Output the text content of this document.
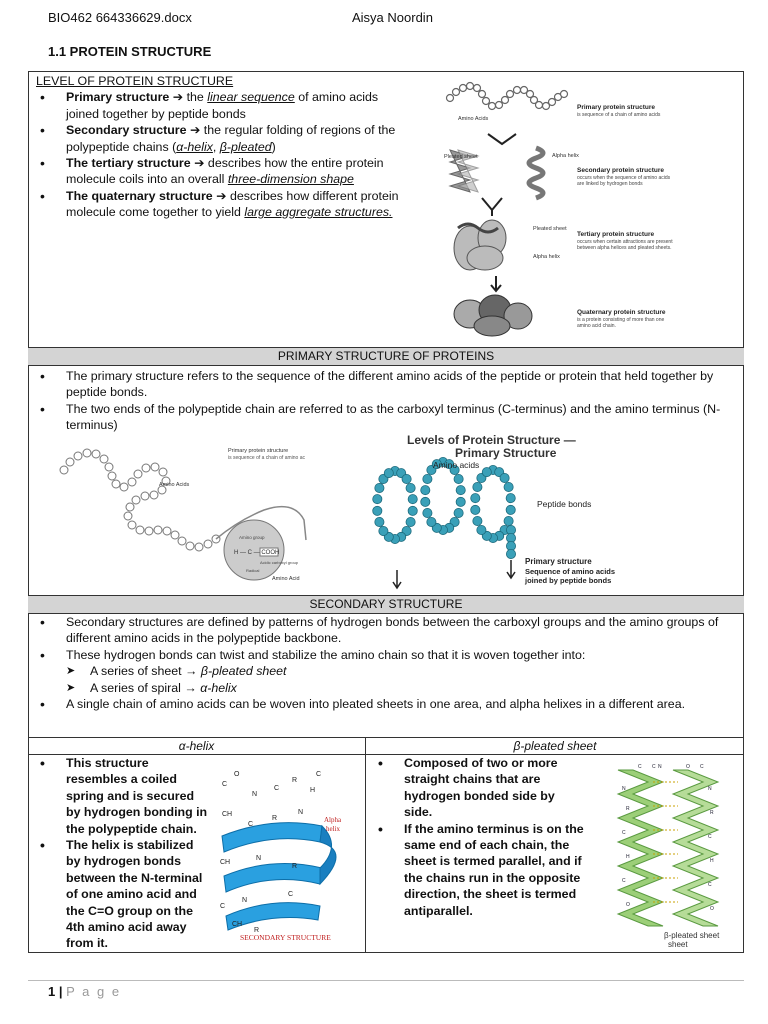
BIO462 664336629.docx	Aisya Noordin
1.1 PROTEIN STRUCTURE
LEVEL OF PROTEIN STRUCTURE
• Primary structure ➔ the linear sequence of amino acids joined together by peptide bonds
• Secondary structure ➔ the regular folding of regions of the polypeptide chains (α-helix, β-pleated)
• The tertiary structure ➔ describes how the entire protein molecule coils into an overall three-dimension shape
• The quaternary structure ➔ describes how different protein molecule come together to yield large aggregate structures.
Amino Acids
Primary protein structure
is sequence of a chain of amino acids
Pleated sheet	Alpha helix
Secondary protein structure
occurs when the sequence of amino acids
are linked by hydrogen bonds
Pleated sheet
Alpha helix
Tertiary protein structure
occurs when certain attractions are present
between alpha helices and pleated sheets.
Quaternary protein structure
is a protein consisting of more than one
amino acid chain.
PRIMARY STRUCTURE OF PROTEINS
• The primary structure refers to the sequence of the different amino acids of the peptide or protein that held together by peptide bonds.
• The two ends of the polypeptide chain are referred to as the carboxyl terminus (C-terminus) and the amino terminus (N-terminus)
H — C — COOH
Amino group
Acidic carboxyl group
Radical
Primary protein structure
is sequence of a chain of amino ac
Amino Acids
Amino Acid
Levels of Protein Structure —
Primary Structure
Amino acids
Peptide bonds
Primary structure
Sequence of amino acids
joined by peptide bonds
SECONDARY STRUCTURE
• Secondary structures are defined by patterns of hydrogen bonds between the carboxyl groups and the amino groups of different amino acids in the polypeptide backbone.
• These hydrogen bonds can twist and stabilize the amino chain so that it is woven together into:
➤ A series of sheet → β-pleated sheet
➤ A series of spiral → α-helix
• A single chain of amino acids can be woven into pleated sheets in one area, and alpha helixes in a different area.
α-helix	β-pleated sheet
• This structure resembles a coiled spring and is secured by hydrogen bonding in the polypeptide chain.
• The helix is stabilized by hydrogen bonds between the N-terminal of one amino acid and the C=O group on the 4th amino acid away from it.
C
O
N
C
R
H
C
CH
C
R
N
CH
N
R
C
N
C
CH
R
Alpha
helix
SECONDARY STRUCTURE
• Composed of two or more straight chains that are hydrogen bonded side by side.
• If the amino terminus is on the same end of each chain, the sheet is termed parallel, and if the chains run in the opposite direction, the sheet is termed antiparallel.
C C N	O C
N
R
C
H
C
O
N
R
C
H
C
O
β-pleated sheet
sheet
1 | P a g e
